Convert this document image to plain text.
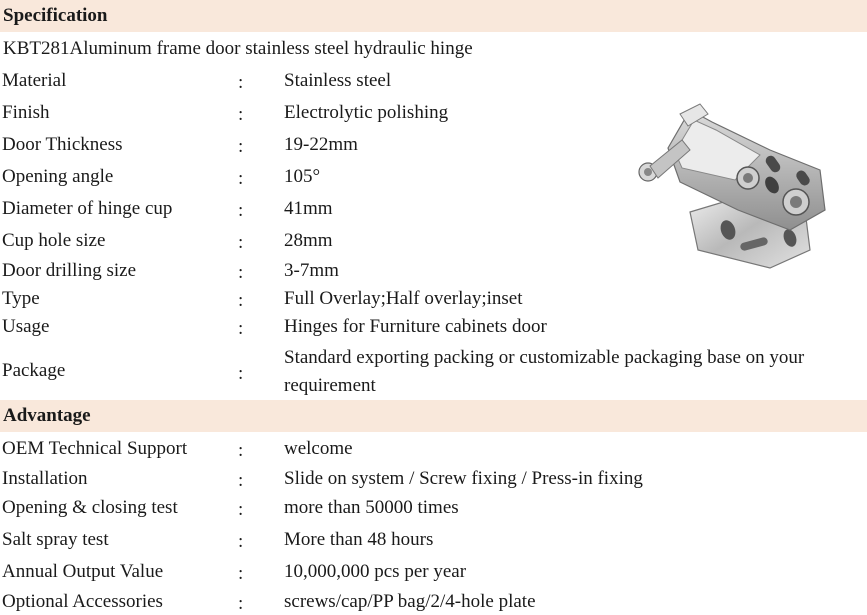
Specification
KBT281Aluminum frame door stainless steel hydraulic hinge
Material	: Stainless steel
Finish	: Electrolytic polishing
Door Thickness	: 19-22mm
Opening angle	: 105°
Diameter of hinge cup	: 41mm
Cup hole size	: 28mm
Door drilling size	: 3-7mm
Type	: Full Overlay;Half overlay;inset
Usage	: Hinges for Furniture cabinets door
Package	:
Standard exporting packing or customizable packaging base on your requirement
Advantage
OEM Technical Support	: welcome
Installation	: Slide on system / Screw fixing / Press-in fixing
Opening & closing test	: more than 50000 times
Salt spray test	: More than 48 hours
Annual Output Value	: 10,000,000 pcs per year
Optional Accessories	: screws/cap/PP bag/2/4-hole plate
